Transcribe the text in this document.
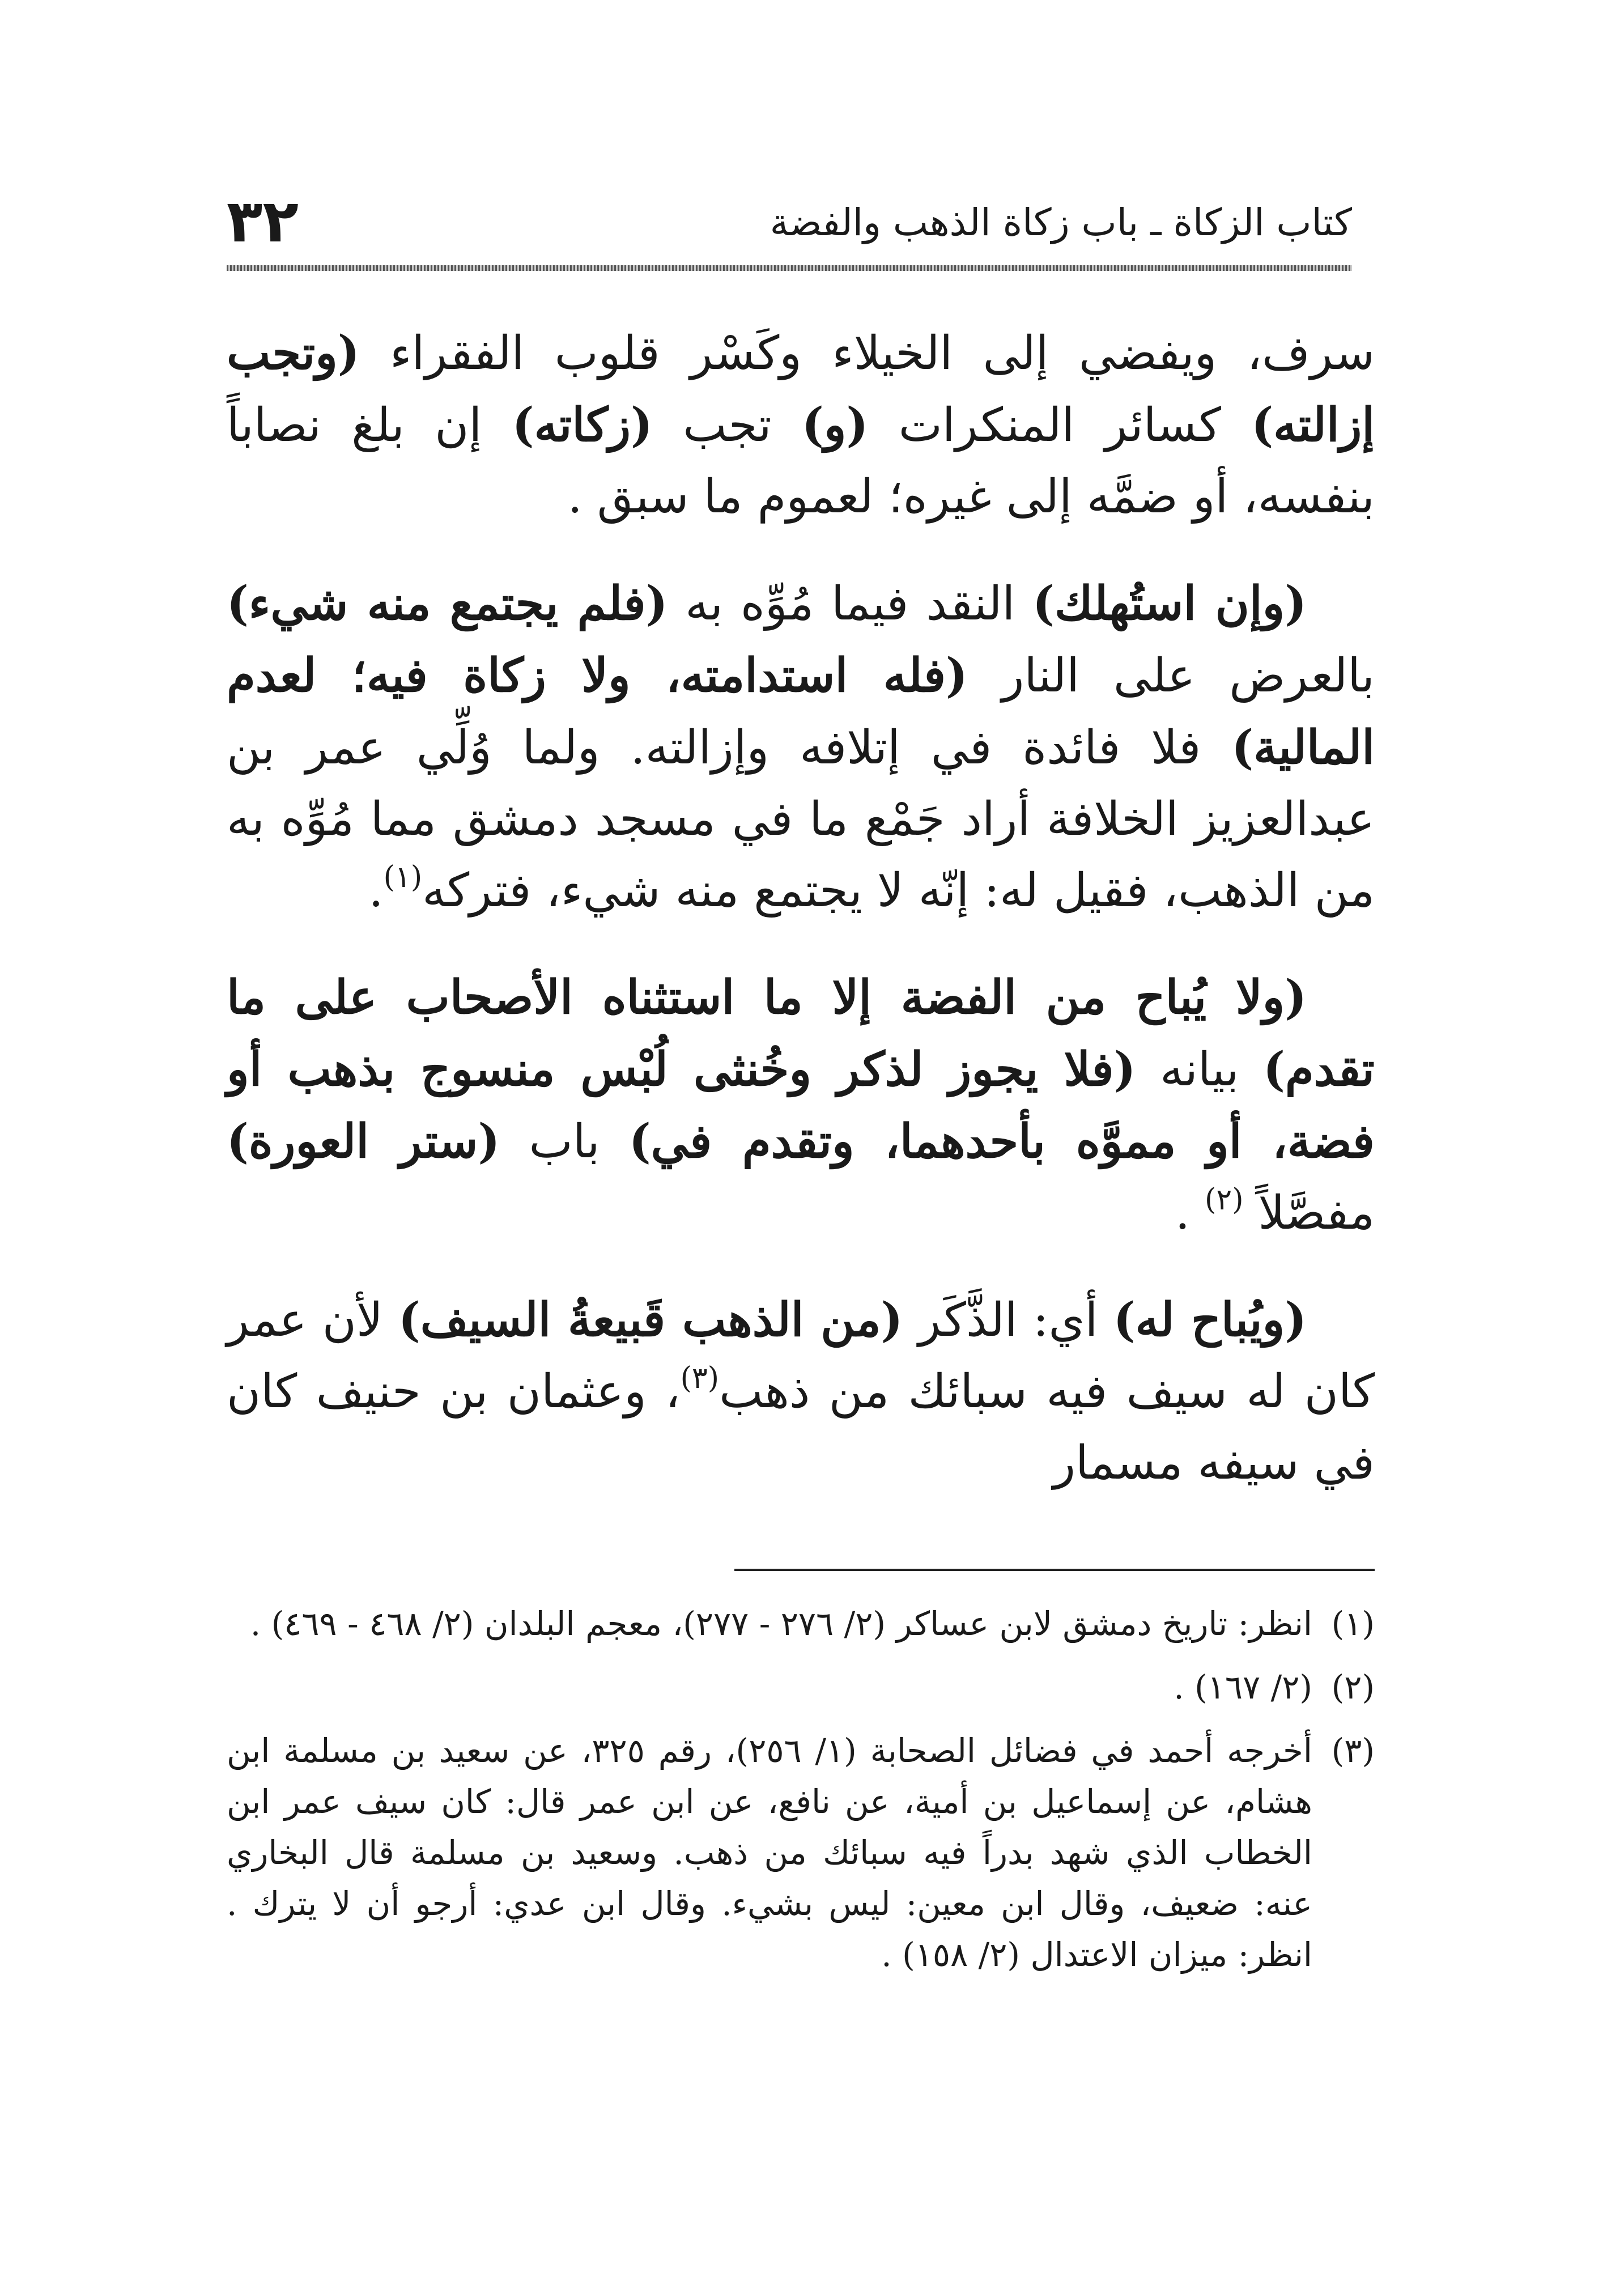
٣٢	كتاب الزكاة ـ باب زكاة الذهب والفضة

سرف، ويفضي إلى الخيلاء وكَسْر قلوب الفقراء (وتجب إزالته) كسائر المنكرات (و) تجب (زكاته) إن بلغ نصاباً بنفسه، أو ضمَّه إلى غيره؛ لعموم ما سبق .

(وإن استُهلك) النقد فيما مُوِّه به (فلم يجتمع منه شيء) بالعرض على النار (فله استدامته، ولا زكاة فيه؛ لعدم المالية) فلا فائدة في إتلافه وإزالته. ولما وُلِّي عمر بن عبدالعزيز الخلافة أراد جَمْع ما في مسجد دمشق مما مُوِّه به من الذهب، فقيل له: إنّه لا يجتمع منه شيء، فتركه$^{(١)}$.

(ولا يُباح من الفضة إلا ما استثناه الأصحاب على ما تقدم) بيانه (فلا يجوز لذكر وخُنثى لُبْس منسوج بذهب أو فضة، أو مموَّه بأحدهما، وتقدم في) باب (ستر العورة) مفصَّلاً $^{(٢)}$ .

(ويُباح له) أي: الذَّكَر (من الذهب قَبيعةُ السيف) لأن عمر كان له سيف فيه سبائك من ذهب$^{(٣)}$، وعثمان بن حنيف كان في سيفه مسمار

(١)
انظر: تاريخ دمشق لابن عساكر (٢/ ٢٧٦ - ٢٧٧)، معجم البلدان (٢/ ٤٦٨ - ٤٦٩) .
(٢)
(٢/ ١٦٧) .
(٣)
أخرجه أحمد في فضائل الصحابة (١/ ٢٥٦)، رقم ٣٢٥، عن سعيد بن مسلمة ابن هشام، عن إسماعيل بن أمية، عن نافع، عن ابن عمر قال: كان سيف عمر ابن الخطاب الذي شهد بدراً فيه سبائك من ذهب. وسعيد بن مسلمة قال البخاري عنه: ضعيف، وقال ابن معين: ليس بشيء. وقال ابن عدي: أرجو أن لا يترك . انظر: ميزان الاعتدال (٢/ ١٥٨) .
